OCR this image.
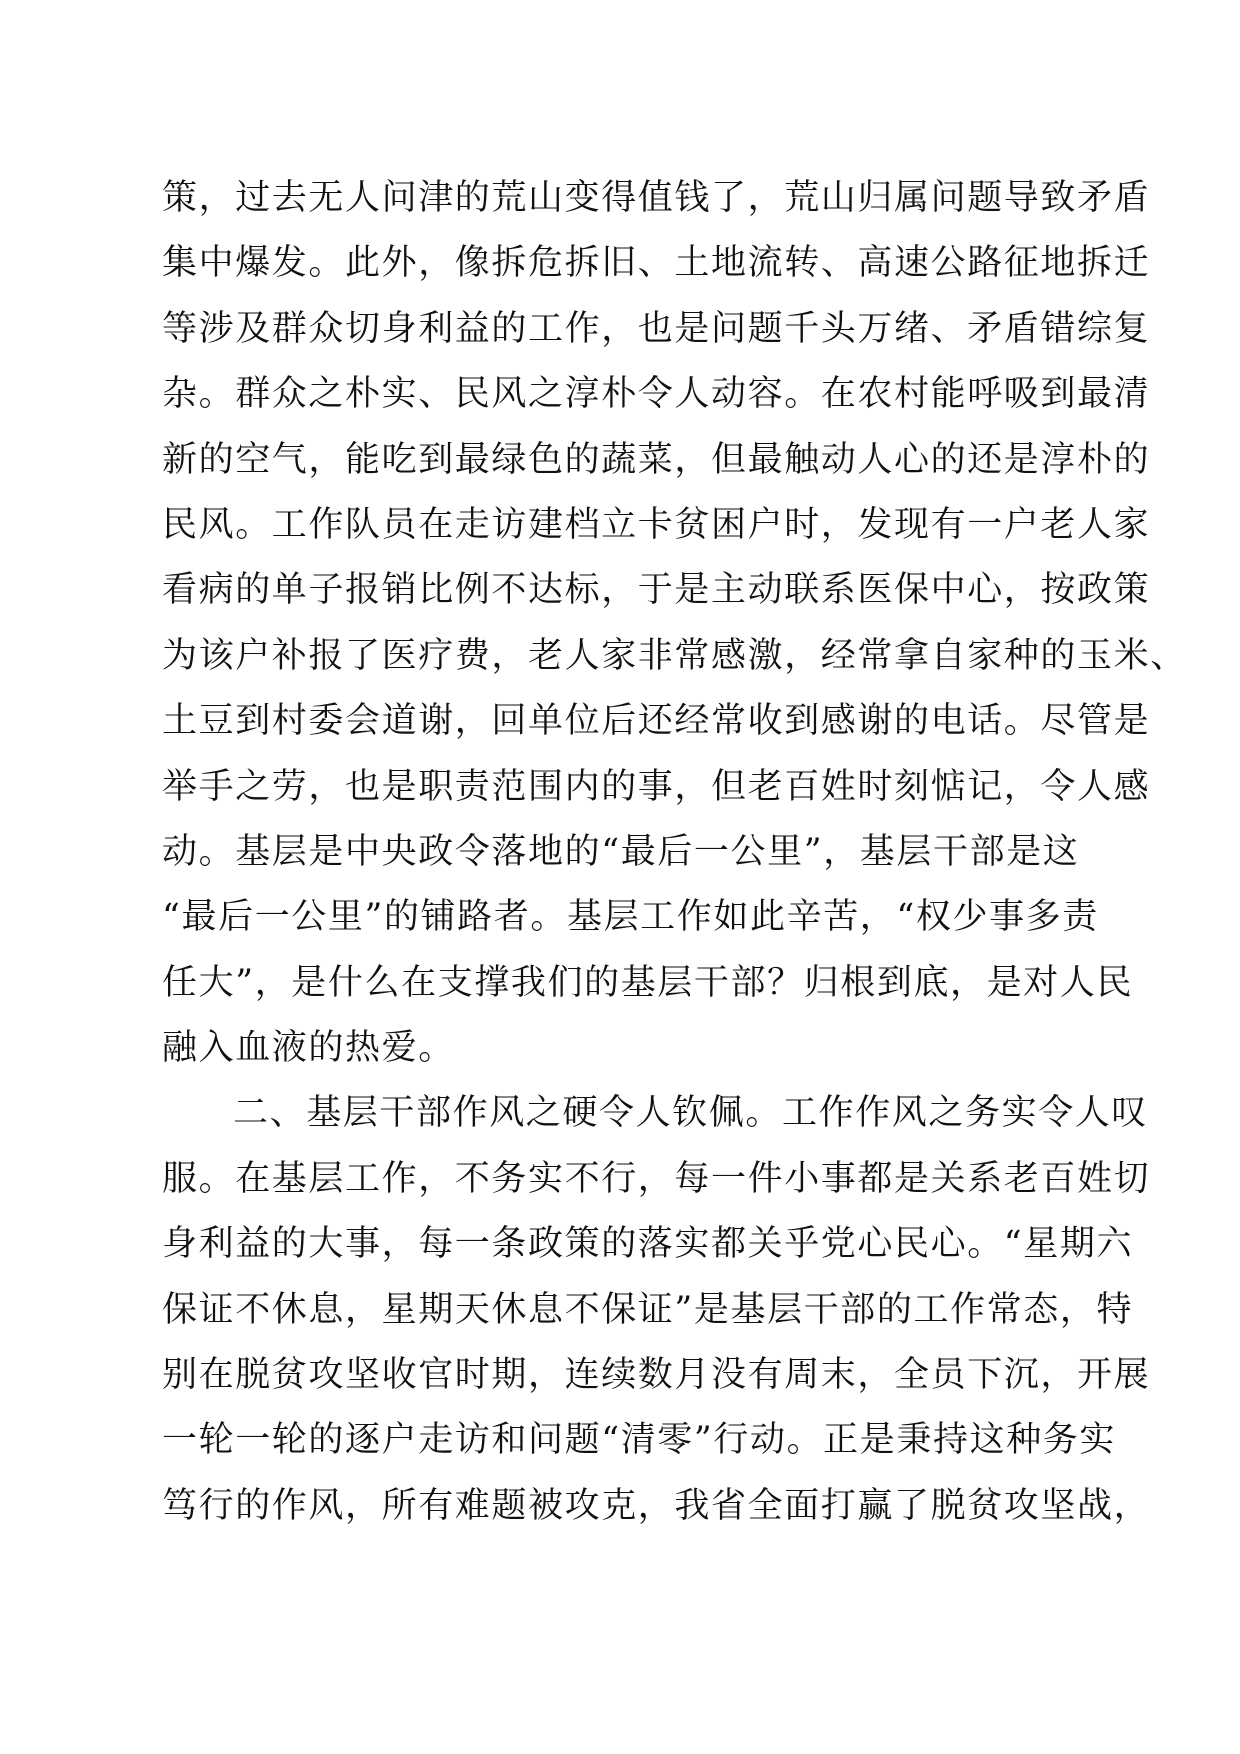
策，过去无人问津的荒山变得值钱了，荒山归属问题导致矛盾
集中爆发。此外，像拆危拆旧、土地流转、高速公路征地拆迁
等涉及群众切身利益的工作，也是问题千头万绪、矛盾错综复
杂。群众之朴实、民风之淳朴令人动容。在农村能呼吸到最清
新的空气，能吃到最绿色的蔬菜，但最触动人心的还是淳朴的
民风。工作队员在走访建档立卡贫困户时，发现有一户老人家
看病的单子报销比例不达标，于是主动联系医保中心，按政策
为该户补报了医疗费，老人家非常感激，经常拿自家种的玉米、
土豆到村委会道谢，回单位后还经常收到感谢的电话。尽管是
举手之劳，也是职责范围内的事，但老百姓时刻惦记，令人感
动。基层是中央政令落地的“最后一公里”，基层干部是这
“最后一公里”的铺路者。基层工作如此辛苦，“权少事多责
任大”，是什么在支撑我们的基层干部？归根到底，是对人民
融入血液的热爱。
二、基层干部作风之硬令人钦佩。工作作风之务实令人叹
服。在基层工作，不务实不行，每一件小事都是关系老百姓切
身利益的大事，每一条政策的落实都关乎党心民心。“星期六
保证不休息，星期天休息不保证”是基层干部的工作常态，特
别在脱贫攻坚收官时期，连续数月没有周末，全员下沉，开展
一轮一轮的逐户走访和问题“清零”行动。正是秉持这种务实
笃行的作风，所有难题被攻克，我省全面打赢了脱贫攻坚战，
